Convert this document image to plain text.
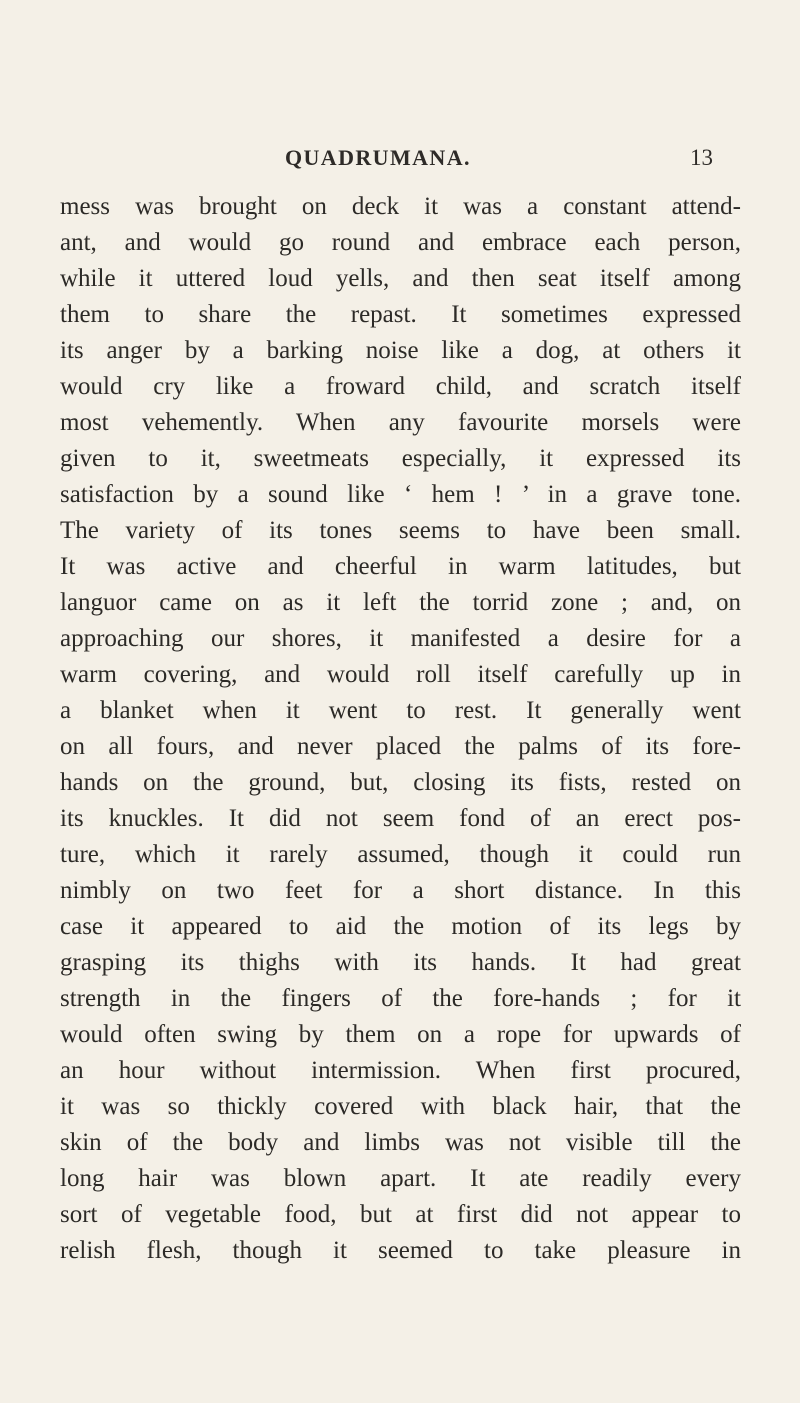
QUADRUMANA.	13
mess was brought on deck it was a constant attend-
ant, and would go round and embrace each person,
while it uttered loud yells, and then seat itself among
them to share the repast. It sometimes expressed
its anger by a barking noise like a dog, at others it
would cry like a froward child, and scratch itself
most vehemently. When any favourite morsels were
given to it, sweetmeats especially, it expressed its
satisfaction by a sound like ‘ hem ! ’ in a grave tone.
The variety of its tones seems to have been small.
It was active and cheerful in warm latitudes, but
languor came on as it left the torrid zone ; and, on
approaching our shores, it manifested a desire for a
warm covering, and would roll itself carefully up in
a blanket when it went to rest. It generally went
on all fours, and never placed the palms of its fore-
hands on the ground, but, closing its fists, rested on
its knuckles. It did not seem fond of an erect pos-
ture, which it rarely assumed, though it could run
nimbly on two feet for a short distance. In this
case it appeared to aid the motion of its legs by
grasping its thighs with its hands. It had great
strength in the fingers of the fore-hands ; for it
would often swing by them on a rope for upwards of
an hour without intermission. When first procured,
it was so thickly covered with black hair, that the
skin of the body and limbs was not visible till the
long hair was blown apart. It ate readily every
sort of vegetable food, but at first did not appear to
relish flesh, though it seemed to take pleasure in
